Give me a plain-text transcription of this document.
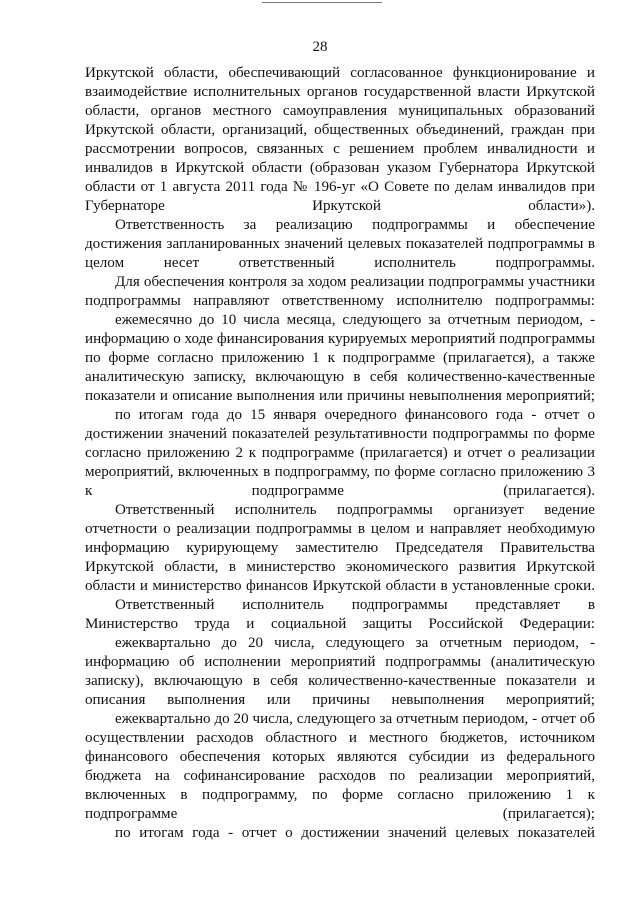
28

Иркутской области, обеспечивающий согласованное функционирование и взаимодействие исполнительных органов государственной власти Иркутской области, органов местного самоуправления муниципальных образований Иркутской области, организаций, общественных объединений, граждан при рассмотрении вопросов, связанных с решением проблем инвалидности и инвалидов в Иркутской области (образован указом Губернатора Иркутской области от 1 августа 2011 года № 196-уг «О Совете по делам инвалидов при Губернаторе Иркутской области»).

Ответственность за реализацию подпрограммы и обеспечение достижения запланированных значений целевых показателей подпрограммы в целом несет ответственный исполнитель подпрограммы.

Для обеспечения контроля за ходом реализации подпрограммы участники подпрограммы направляют ответственному исполнителю подпрограммы:

ежемесячно до 10 числа месяца, следующего за отчетным периодом, - информацию о ходе финансирования курируемых мероприятий подпрограммы по форме согласно приложению 1 к подпрограмме (прилагается), а также аналитическую записку, включающую в себя количественно-качественные показатели и описание выполнения или причины невыполнения мероприятий;

по итогам года до 15 января очередного финансового года - отчет о достижении значений показателей результативности подпрограммы по форме согласно приложению 2 к подпрограмме (прилагается) и отчет о реализации мероприятий, включенных в подпрограмму, по форме согласно приложению 3 к подпрограмме (прилагается).

Ответственный исполнитель подпрограммы организует ведение отчетности о реализации подпрограммы в целом и направляет необходимую информацию курирующему заместителю Председателя Правительства Иркутской области, в министерство экономического развития Иркутской области и министерство финансов Иркутской области в установленные сроки.

Ответственный исполнитель подпрограммы представляет в Министерство труда и социальной защиты Российской Федерации:

ежеквартально до 20 числа, следующего за отчетным периодом, - информацию об исполнении мероприятий подпрограммы (аналитическую записку), включающую в себя количественно-качественные показатели и описания выполнения или причины невыполнения мероприятий;

ежеквартально до 20 числа, следующего за отчетным периодом, - отчет об осуществлении расходов областного и местного бюджетов, источником финансового обеспечения которых являются субсидии из федерального бюджета на софинансирование расходов по реализации мероприятий, включенных в подпрограмму, по форме согласно приложению 1 к подпрограмме (прилагается);

по итогам года - отчет о достижении значений целевых показателей
